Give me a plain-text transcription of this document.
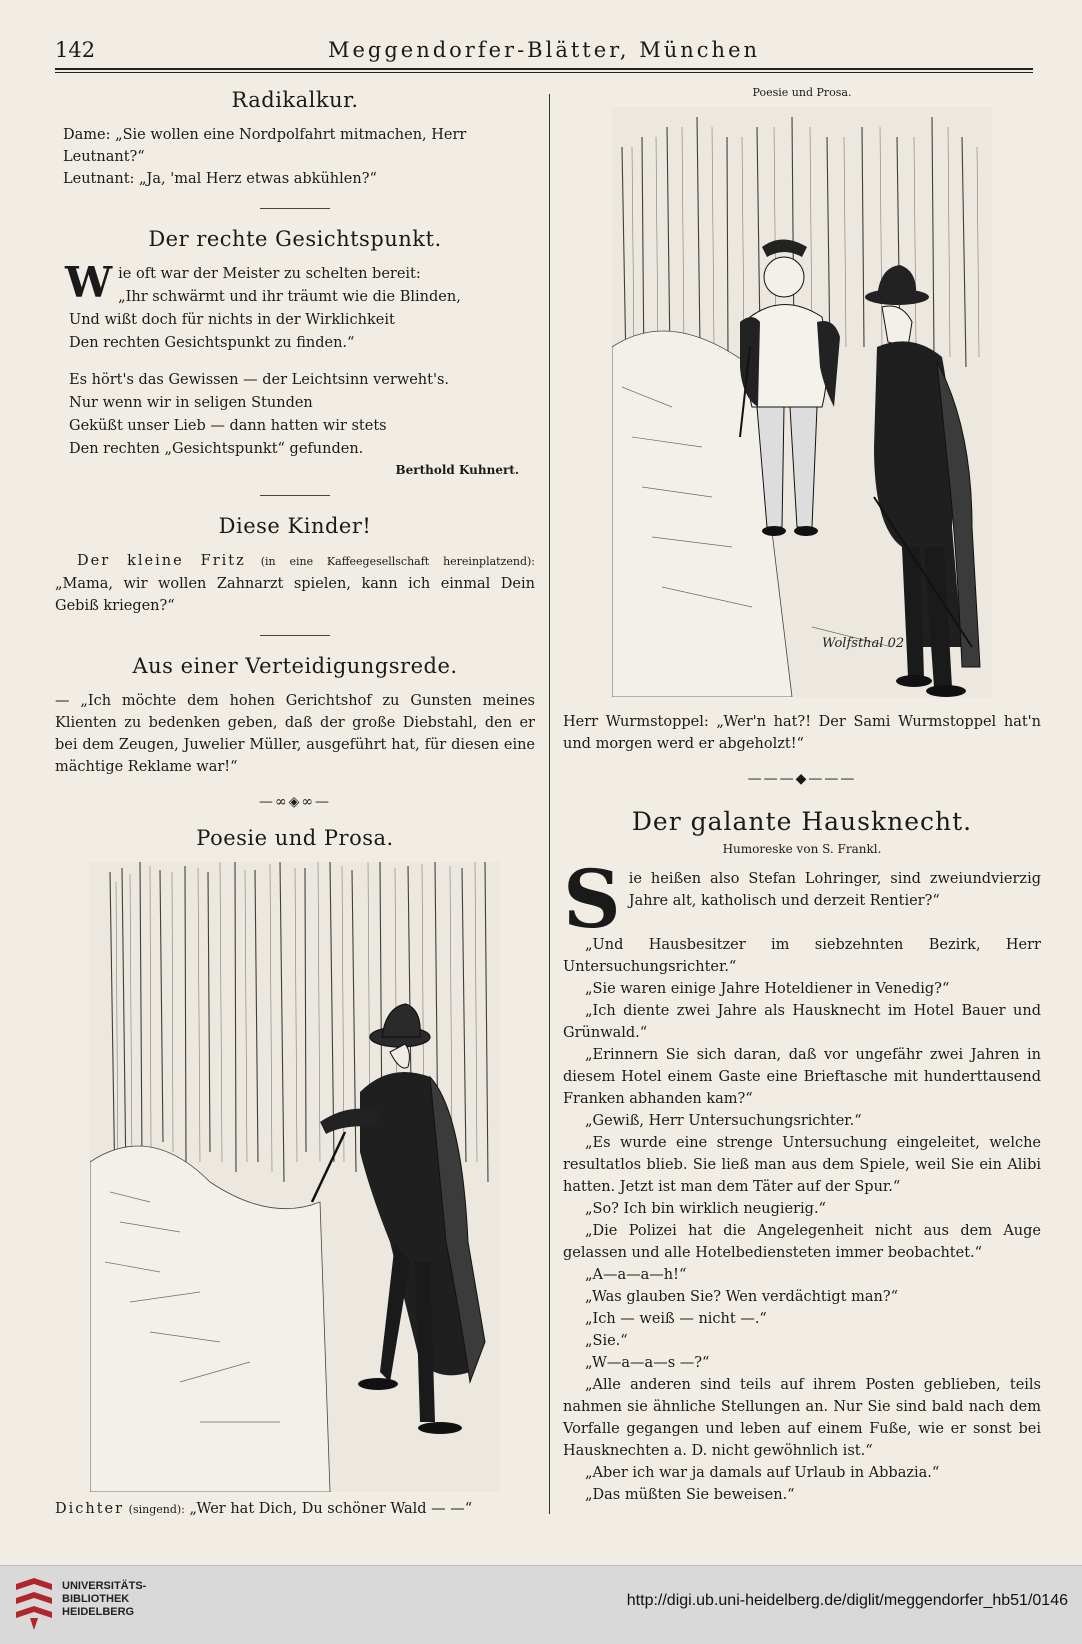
142	Meggendorfer-Blätter, München
Radikalkur.

Dame: „Sie wollen eine Nordpolfahrt mitmachen, Herr Leutnant?“

Leutnant: „Ja, 'mal Herz etwas abkühlen?“

Der rechte Gesichtspunkt.
W ie oft war der Meister zu schelten bereit:

„Ihr schwärmt und ihr träumt wie die Blinden,

Und wißt doch für nichts in der Wirklichkeit

Den rechten Gesichtspunkt zu finden.“

Es hört's das Gewissen — der Leichtsinn verweht's.

Nur wenn wir in seligen Stunden

Geküßt unser Lieb — dann hatten wir stets

Den rechten „Gesichtspunkt“ gefunden.

Berthold Kuhnert.
Diese Kinder!

Der kleine Fritz (in eine Kaffeegesellschaft hereinplatzend): „Mama, wir wollen Zahnarzt spielen, kann ich einmal Dein Gebiß kriegen?“

Aus einer Verteidigungsrede.

— „Ich möchte dem hohen Gerichtshof zu Gunsten meines Klienten zu bedenken geben, daß der große Diebstahl, den er bei dem Zeugen, Juwelier Müller, ausgeführt hat, für diesen eine mächtige Reklame war!“

—∞◈∞—
Poesie und Prosa.

Dichter (singend): „Wer hat Dich, Du schöner Wald — —“

Poesie und Prosa.
Wolfsthal 02

Herr Wurmstoppel: „Wer'n hat?! Der Sami Wurmstoppel hat'n und morgen werd er abgeholzt!“

———◆———
Der galante Hausknecht.
Humoreske von S. Frankl.
S ie heißen also Stefan Lohringer, sind zweiundvierzig Jahre alt, katholisch und derzeit Rentier?“

„Und Hausbesitzer im siebzehnten Bezirk, Herr Untersuchungsrichter.“

„Sie waren einige Jahre Hoteldiener in Venedig?“

„Ich diente zwei Jahre als Hausknecht im Hotel Bauer und Grünwald.“

„Erinnern Sie sich daran, daß vor ungefähr zwei Jahren in diesem Hotel einem Gaste eine Brieftasche mit hunderttausend Franken abhanden kam?“

„Gewiß, Herr Untersuchungsrichter.“

„Es wurde eine strenge Untersuchung eingeleitet, welche resultatlos blieb. Sie ließ man aus dem Spiele, weil Sie ein Alibi hatten. Jetzt ist man dem Täter auf der Spur.“

„So? Ich bin wirklich neugierig.“

„Die Polizei hat die Angelegenheit nicht aus dem Auge gelassen und alle Hotelbediensteten immer beobachtet.“

„A—a—a—h!“

„Was glauben Sie? Wen verdächtigt man?“

„Ich — weiß — nicht —.“

„Sie.“

„W—a—a—s —?“

„Alle anderen sind teils auf ihrem Posten geblieben, teils nahmen sie ähnliche Stellungen an. Nur Sie sind bald nach dem Vorfalle gegangen und leben auf einem Fuße, wie er sonst bei Hausknechten a. D. nicht gewöhnlich ist.“

„Aber ich war ja damals auf Urlaub in Abbazia.“

„Das müßten Sie beweisen.“

UNIVERSITÄTS-
BIBLIOTHEK
HEIDELBERG
http://digi.ub.uni-heidelberg.de/diglit/meggendorfer_hb51/0146
